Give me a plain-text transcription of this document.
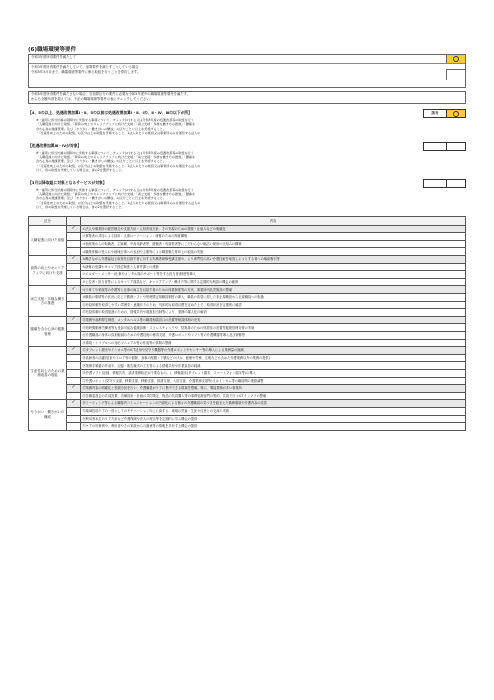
(6)職場環境等要件
令和3年度所得要件を満たして
令和3年度所得要件を満たしていて、加算要件を満たすことしている場合
令和5年3月末まで、職場環境等要件に係る取組を行うことを誓約します。
令和5年度所得要件を満たさない場合、各加算区分の要件に必要な令和5年度中の職場環境等要件を満たす。
からも全額所得を超えては、下記の職場環境等要件の表にチェックしてください。
【4、5の以上、処遇改善加算Ⅰ・Ⅱ、5の以前は処遇改善加算Ⅰ・Ⅱ、Ⅰの、Ⅱ・Ⅳ、Ⅲの以下が所】	該当
※・適用に該当計画の期間中に実施する事項について、チェック(✔)する又は令和5年度の処遇改善等の取組を行う
「入職促進に向けた取組」「資質の向上やキャリアアップに向けた支援」「両立支援・多様な働き方の推進」「腰痛を
含む心身の健康管理」及び「やりがい・働きがいの醸成」の区分ごとに以上を実施すること。
・「生産性向上のための取組」の区分は上の取組を実施すること。1法人あたりの施設又は事業所のみを運営する法人の
【処遇改善加算Ⅲ・Ⅳが対象】
※・適用に該当計画の期間中に実施する事項について、チェック(✔)する又は令和5年度の処遇改善等の取組を行う
「入職促進に向けた取組」「資質の向上やキャリアアップに向けた支援」「両立支援・多様な働き方の推進」「腰痛を
含む心身の健康管理」及び「やりがい・働きがいの醸成」の区分ごとに以上を実施すること。
・「生産性向上のための取組」の区分は上の取組を実施すること。1法人あたりの施設又は事業所のみを運営する法人の
以て、併の取組を実施している場合は、併の2を選択すること。
【3月以降取組に対象となるサービスが対象】
※・適用に該当計画の期間中に実施する事項について、チェック(✔)する又は令和5年度の処遇改善等の取組を行う
「入職促進に向けた取組」「資質の向上やキャリアアップに向けた支援」「両立支援・多様な働き方の推進」「腰痛を
含む心身の健康管理」及び「やりがい・働きがいの醸成」の区分ごとに以上を実施すること。
・「生産性向上のための取組」の区分は上の取組を実施すること。1法人あたりの施設又は事業所のみを運営する法人の
以て、併の取組を実施している場合は、併の2を選択すること。
区分		内容
入職促進に向けた取組	✓	①法人や事業所の経営理念や支援方針・人材育成方針、その実現のための施策・仕組みなどの明確化
		②事業者の共同による採用・人事ローテーション・研修のための制度構築
		③他産業からの転職者、主婦層、中高年齢者等、経験者・有資格者等にこだわらない幅広い採用の仕組みの構築
		④職業体験の受入れや地域行事への参加や主催等による職業魅力度向上の取組の実施
資質の向上やキャリアアップに向けた支援	✓	⑤働きながら介護福祉士取得を目指す者に対する実務者研修受講支援や、より専門性の高い介護技術を取得しようとする者への喀痰吸引等
		⑥研修の受講やキャリア段位制度と人事考課との連動
		⑦エルダー・メンター(仕事やメンタル面のサポート等をする担当者)制度等導入
		⑧上位者・担当者等によるキャリア面談など、キャリアアップ・働き方等に関する定期的な相談の機会の確保
両立支援・多様な働き方の推進	✓	⑨子育てや家族等の介護等と仕事の両立を目指す者のための休業制度等の充実、事業所内託児施設の整備
		⑩職員の事情等の状況に応じた勤務シフトや短時間正規職員制度の導入、職員の希望に即した非正規職員から正規職員への転換
		⑪有給休暇を取得しやすい雰囲気・意識作りのため、具体的な取得目標を定めた上で、取得状況を定期的に確認
		⑫有給休暇の取得促進のための、情報共有や複数担当制等により、業務の属人化の解消
腰痛を含む心身の健康管理	✓	⑬業務や福利厚生制度、メンタルヘルス等の職員相談窓口の設置等相談体制の充実
		⑭短時間勤務労働者等も受診可能な健康診断・ストレスチェックや、従業員のための休憩室の設置等健康管理対策の実施
		⑮介護職員の身体の負担軽減のための介護技術の修得支援、介護ロボットやリフト等の介護機器等導入及び研修等
		⑯事故・トラブルへの対応マニュアル等の作成等の体制の整備
生産性向上のための業務改善の取組	✓	⑰タブレット端末やインカム等のICT活用や見守り機器等の介護ロボットやセンサー等の導入による業務量の縮減
		⑱高齢者の活躍(居室やフロア等の掃除、食事の配膳・下膳などのほか、経理や労務、広報なども含めた介護業務以外の業務の提供)
		⑲業務手順書の作成や、記録・報告様式の工夫等による情報共有や作業負担の軽減
		⑳介護ソフト(記録、情報共有、請求業務転記が不要なもの。)、情報端末(タブレット端末、スマートフォン端末等)の導入
		㉑介護ロボット(見守り支援、移乗支援、移動支援、排泄支援、入浴支援、介護業務支援等)又はインカム等の職員間の連絡調整
	✓	㉒業務内容の明確化と役割分担を行い、介護職員がケアに集中できる環境を整備。特に、間接業務が多い事業所
		㉓各種委員会の共同設置、各種指針・計画の共同策定、物品の共同購入等の事務処理部門の集約、共同で行うICTインフラの整備
やりがい・働きがいの醸成	✓	㉔ミーティング等による職場内コミュニケーションの円滑化による個々の介護職員の気づきを踏まえた勤務環境や介護内容の改善
		㉕地域包括ケアの一員としてのモチベーション向上に資する、地域の児童・生徒や住民との交流の実施
		㉖利用者本位のケア方針など介護保険や法人の理念等を定期的に学ぶ機会の提供
		㉗ケアの好事例や、利用者やその家族からの謝意等の情報を共有する機会の提供
